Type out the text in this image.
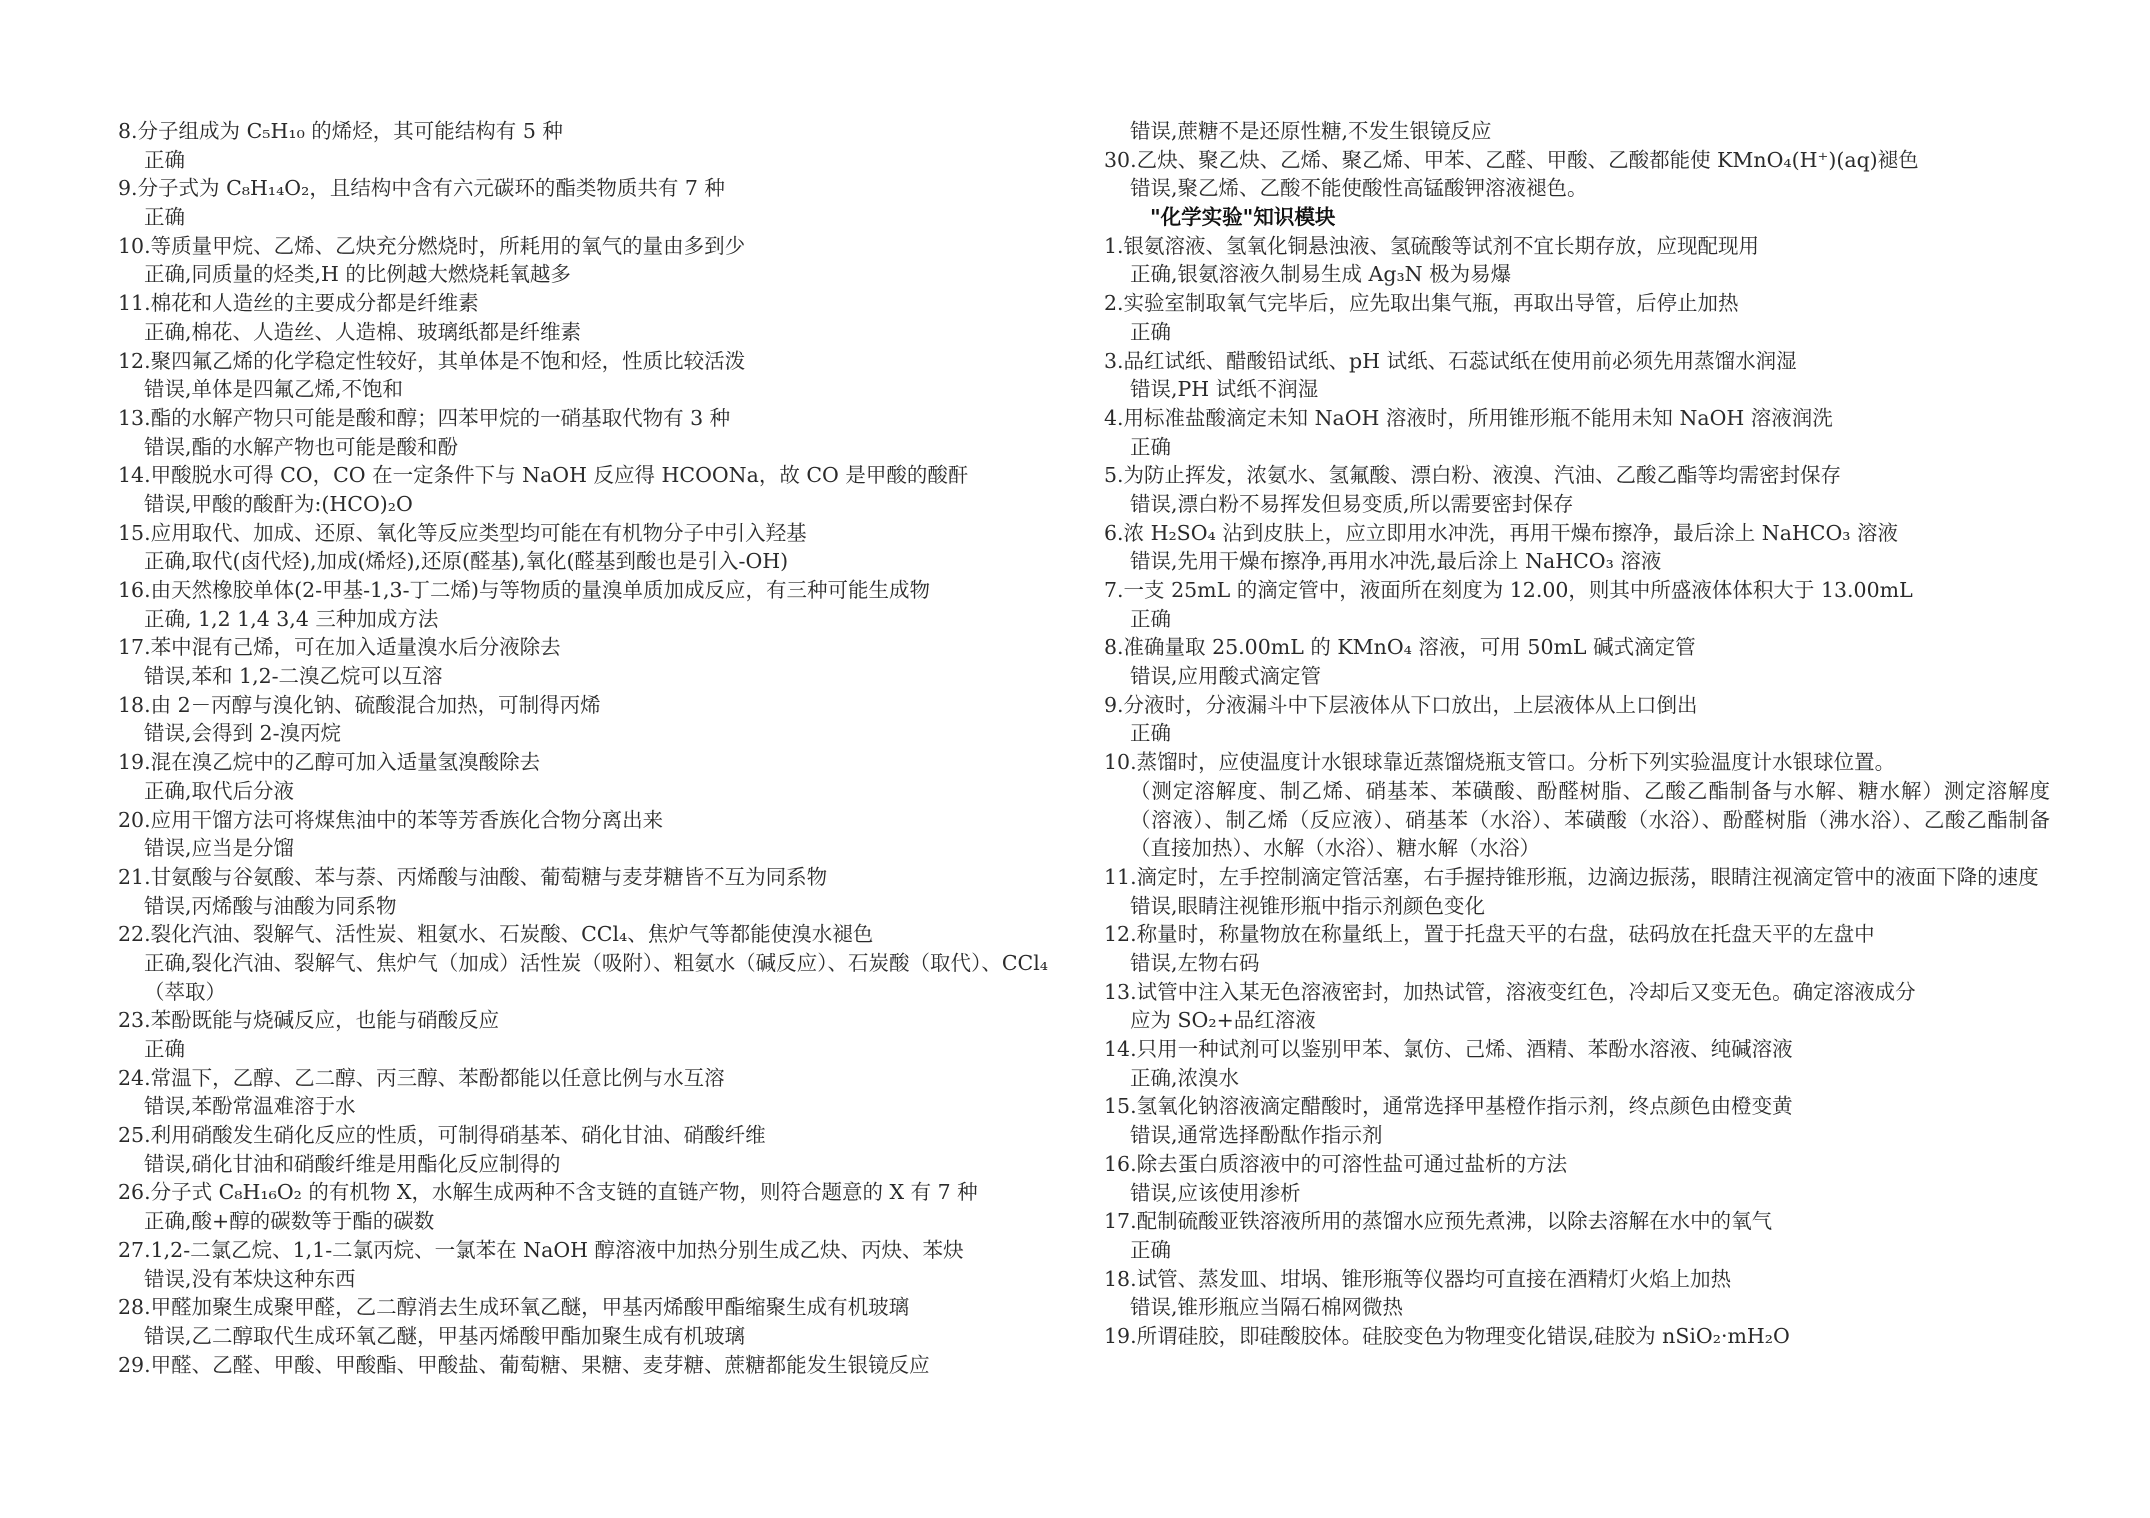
8.分子组成为 C₅H₁₀ 的烯烃，其可能结构有 5 种
正确
9.分子式为 C₈H₁₄O₂，且结构中含有六元碳环的酯类物质共有 7 种
正确
10.等质量甲烷、乙烯、乙炔充分燃烧时，所耗用的氧气的量由多到少
正确,同质量的烃类,H 的比例越大燃烧耗氧越多
11.棉花和人造丝的主要成分都是纤维素
正确,棉花、人造丝、人造棉、玻璃纸都是纤维素
12.聚四氟乙烯的化学稳定性较好，其单体是不饱和烃，性质比较活泼
错误,单体是四氟乙烯,不饱和
13.酯的水解产物只可能是酸和醇；四苯甲烷的一硝基取代物有 3 种
错误,酯的水解产物也可能是酸和酚
14.甲酸脱水可得 CO，CO 在一定条件下与 NaOH 反应得 HCOONa，故 CO 是甲酸的酸酐
错误,甲酸的酸酐为:(HCO)₂O
15.应用取代、加成、还原、氧化等反应类型均可能在有机物分子中引入羟基
正确,取代(卤代烃),加成(烯烃),还原(醛基),氧化(醛基到酸也是引入-OH)
16.由天然橡胶单体(2-甲基-1,3-丁二烯)与等物质的量溴单质加成反应，有三种可能生成物
正确, 1,2 1,4 3,4 三种加成方法
17.苯中混有己烯，可在加入适量溴水后分液除去
错误,苯和 1,2-二溴乙烷可以互溶
18.由 2－丙醇与溴化钠、硫酸混合加热，可制得丙烯
错误,会得到 2-溴丙烷
19.混在溴乙烷中的乙醇可加入适量氢溴酸除去
正确,取代后分液
20.应用干馏方法可将煤焦油中的苯等芳香族化合物分离出来
错误,应当是分馏
21.甘氨酸与谷氨酸、苯与萘、丙烯酸与油酸、葡萄糖与麦芽糖皆不互为同系物
错误,丙烯酸与油酸为同系物
22.裂化汽油、裂解气、活性炭、粗氨水、石炭酸、CCl₄、焦炉气等都能使溴水褪色
正确,裂化汽油、裂解气、焦炉气（加成）活性炭（吸附）、粗氨水（碱反应）、石炭酸（取代）、CCl₄（萃取）
23.苯酚既能与烧碱反应，也能与硝酸反应
正确
24.常温下，乙醇、乙二醇、丙三醇、苯酚都能以任意比例与水互溶
错误,苯酚常温难溶于水
25.利用硝酸发生硝化反应的性质，可制得硝基苯、硝化甘油、硝酸纤维
错误,硝化甘油和硝酸纤维是用酯化反应制得的
26.分子式 C₈H₁₆O₂ 的有机物 X，水解生成两种不含支链的直链产物，则符合题意的 X 有 7 种
正确,酸+醇的碳数等于酯的碳数
27.1,2-二氯乙烷、1,1-二氯丙烷、一氯苯在 NaOH 醇溶液中加热分别生成乙炔、丙炔、苯炔
错误,没有苯炔这种东西
28.甲醛加聚生成聚甲醛，乙二醇消去生成环氧乙醚，甲基丙烯酸甲酯缩聚生成有机玻璃
错误,乙二醇取代生成环氧乙醚，甲基丙烯酸甲酯加聚生成有机玻璃
29.甲醛、乙醛、甲酸、甲酸酯、甲酸盐、葡萄糖、果糖、麦芽糖、蔗糖都能发生银镜反应
错误,蔗糖不是还原性糖,不发生银镜反应
30.乙炔、聚乙炔、乙烯、聚乙烯、甲苯、乙醛、甲酸、乙酸都能使 KMnO₄(H⁺)(aq)褪色
错误,聚乙烯、乙酸不能使酸性高锰酸钾溶液褪色。
"化学实验"知识模块
1.银氨溶液、氢氧化铜悬浊液、氢硫酸等试剂不宜长期存放，应现配现用
正确,银氨溶液久制易生成 Ag₃N 极为易爆
2.实验室制取氧气完毕后，应先取出集气瓶，再取出导管，后停止加热
正确
3.品红试纸、醋酸铅试纸、pH 试纸、石蕊试纸在使用前必须先用蒸馏水润湿
错误,PH 试纸不润湿
4.用标准盐酸滴定未知 NaOH 溶液时，所用锥形瓶不能用未知 NaOH 溶液润洗
正确
5.为防止挥发，浓氨水、氢氟酸、漂白粉、液溴、汽油、乙酸乙酯等均需密封保存
错误,漂白粉不易挥发但易变质,所以需要密封保存
6.浓 H₂SO₄ 沾到皮肤上，应立即用水冲洗，再用干燥布擦净，最后涂上 NaHCO₃ 溶液
错误,先用干燥布擦净,再用水冲洗,最后涂上 NaHCO₃ 溶液
7.一支 25mL 的滴定管中，液面所在刻度为 12.00，则其中所盛液体体积大于 13.00mL
正确
8.准确量取 25.00mL 的 KMnO₄ 溶液，可用 50mL 碱式滴定管
错误,应用酸式滴定管
9.分液时，分液漏斗中下层液体从下口放出，上层液体从上口倒出
正确
10.蒸馏时，应使温度计水银球靠近蒸馏烧瓶支管口。分析下列实验温度计水银球位置。
（测定溶解度、制乙烯、硝基苯、苯磺酸、酚醛树脂、乙酸乙酯制备与水解、糖水解）测定溶解度（溶液）、制乙烯（反应液）、硝基苯（水浴）、苯磺酸（水浴）、酚醛树脂（沸水浴）、乙酸乙酯制备（直接加热）、水解（水浴）、糖水解（水浴）
11.滴定时，左手控制滴定管活塞，右手握持锥形瓶，边滴边振荡，眼睛注视滴定管中的液面下降的速度
错误,眼睛注视锥形瓶中指示剂颜色变化
12.称量时，称量物放在称量纸上，置于托盘天平的右盘，砝码放在托盘天平的左盘中
错误,左物右码
13.试管中注入某无色溶液密封，加热试管，溶液变红色，冷却后又变无色。确定溶液成分
应为 SO₂+品红溶液
14.只用一种试剂可以鉴别甲苯、氯仿、己烯、酒精、苯酚水溶液、纯碱溶液
正确,浓溴水
15.氢氧化钠溶液滴定醋酸时，通常选择甲基橙作指示剂，终点颜色由橙变黄
错误,通常选择酚酞作指示剂
16.除去蛋白质溶液中的可溶性盐可通过盐析的方法
错误,应该使用渗析
17.配制硫酸亚铁溶液所用的蒸馏水应预先煮沸，以除去溶解在水中的氧气
正确
18.试管、蒸发皿、坩埚、锥形瓶等仪器均可直接在酒精灯火焰上加热
错误,锥形瓶应当隔石棉网微热
19.所谓硅胶，即硅酸胶体。硅胶变色为物理变化错误,硅胶为 nSiO₂·mH₂O
